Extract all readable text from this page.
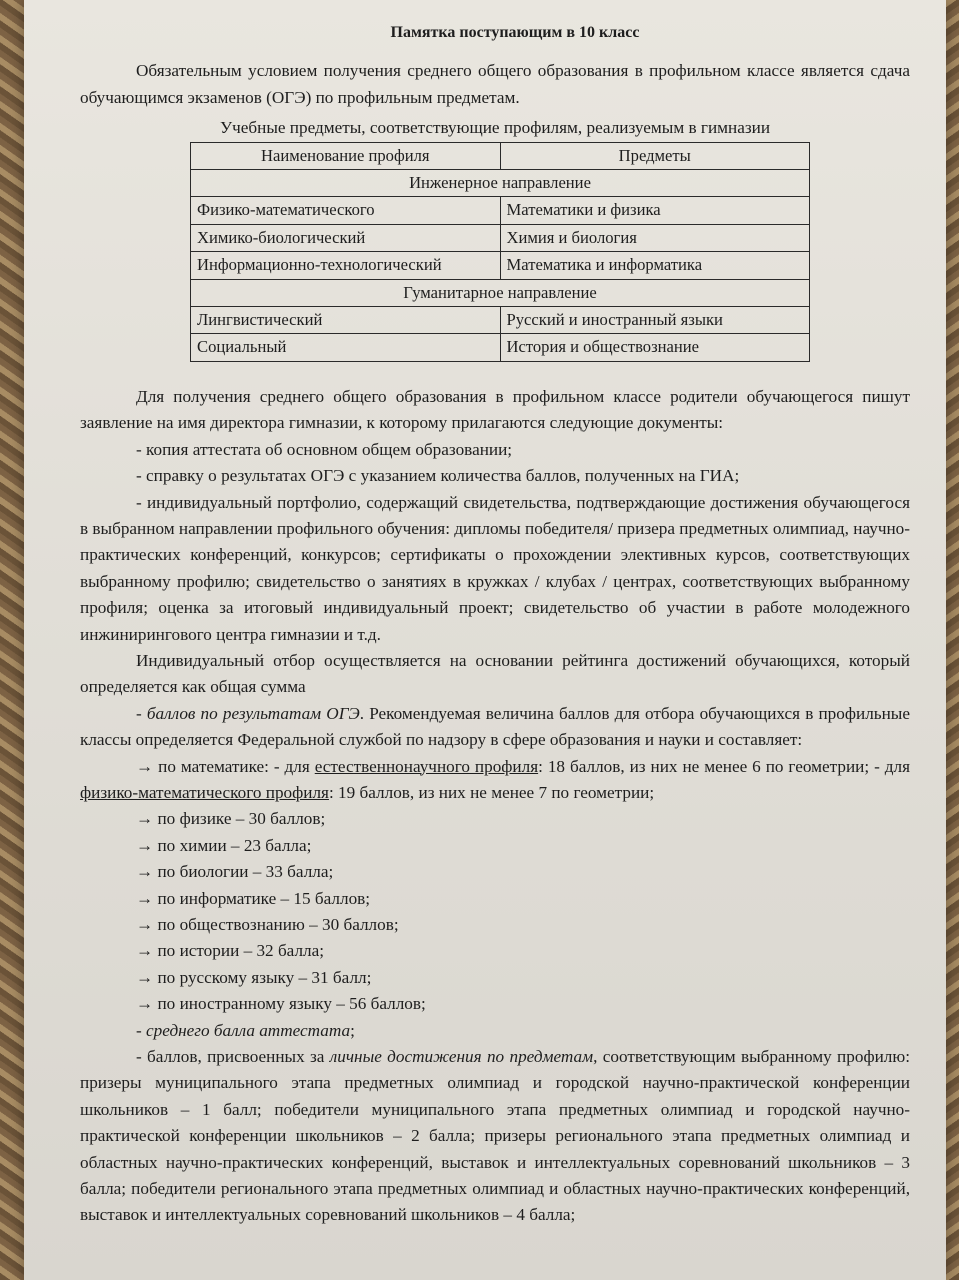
Памятка поступающим в 10 класс

Обязательным условием получения среднего общего образования в профильном классе является сдача обучающимся экзаменов (ОГЭ) по профильным предметам.

Учебные предметы, соответствующие профилям, реализуемым в гимназии
Наименование профиля	Предметы
Инженерное направление	
Физико-математического	Математики и физика
Химико-биологический	Химия и биология
Информационно-технологический	Математика и информатика
Гуманитарное направление	
Лингвистический	Русский и иностранный языки
Социальный	История и обществознание

Для получения среднего общего образования в профильном классе родители обучающегося пишут заявление на имя директора гимназии, к которому прилагаются следующие документы:

- копия аттестата об основном общем образовании;
- справку о результатах ОГЭ с указанием количества баллов, полученных на ГИА;

- индивидуальный портфолио, содержащий свидетельства, подтверждающие достижения обучающегося в выбранном направлении профильного обучения: дипломы победителя/ призера предметных олимпиад, научно-практических конференций, конкурсов; сертификаты о прохождении элективных курсов, соответствующих выбранному профилю; свидетельство о занятиях в кружках / клубах / центрах, соответствующих выбранному профиля; оценка за итоговый индивидуальный проект; свидетельство об участии в работе молодежного инжинирингового центра гимназии и т.д.

Индивидуальный отбор осуществляется на основании рейтинга достижений обучающихся, который определяется как общая сумма

- баллов по результатам ОГЭ. Рекомендуемая величина баллов для отбора обучающихся в профильные классы определяется Федеральной службой по надзору в сфере образования и науки и составляет:

→ по математике: - для естественнонаучного профиля: 18 баллов, из них не менее 6 по геометрии; - для физико-математического профиля: 19 баллов, из них не менее 7 по геометрии;

→ по физике – 30 баллов;
→ по химии – 23 балла;
→ по биологии – 33 балла;
→ по информатике – 15 баллов;
→ по обществознанию – 30 баллов;
→ по истории – 32 балла;
→ по русскому языку – 31 балл;
→ по иностранному языку – 56 баллов;
- среднего балла аттестата;

- баллов, присвоенных за личные достижения по предметам, соответствующим выбранному профилю: призеры муниципального этапа предметных олимпиад и городской научно-практической конференции школьников – 1 балл; победители муниципального этапа предметных олимпиад и городской научно-практической конференции школьников – 2 балла; призеры регионального этапа предметных олимпиад и областных научно-практических конференций, выставок и интеллектуальных соревнований школьников – 3 балла; победители регионального этапа предметных олимпиад и областных научно-практических конференций, выставок и интеллектуальных соревнований школьников – 4 балла;
